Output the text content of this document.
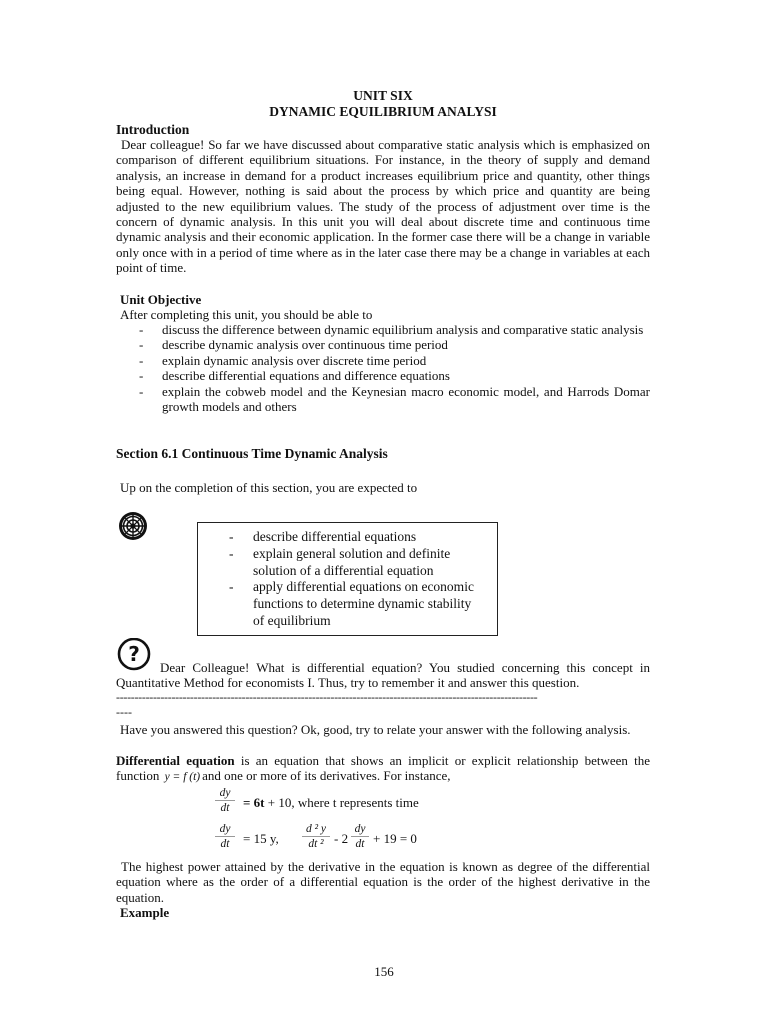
UNIT SIX
DYNAMIC EQUILIBRIUM ANALYSI
Introduction
Dear colleague! So far we have discussed about comparative static analysis which is emphasized on comparison of different equilibrium situations. For instance, in the theory of supply and demand analysis, an increase in demand for a product increases equilibrium price and quantity, other things being equal. However, nothing is said about the process by which price and quantity are being adjusted to the new equilibrium values. The study of the process of adjustment over time is the concern of dynamic analysis. In this unit you will deal about discrete time and continuous time dynamic analysis and their economic application. In the former case there will be a change in variable only once with in a period of time where as in the later case there may be a change in variables at each point of time.
Unit Objective
After completing this unit, you should be able to
- discuss the difference between dynamic equilibrium analysis and comparative static analysis
- describe dynamic analysis over continuous time period
- explain dynamic analysis over discrete time period
- describe differential equations and difference equations
- explain the cobweb model and the Keynesian macro economic model, and Harrods Domar growth models and others
Section 6.1 Continuous Time Dynamic Analysis
Up on the completion of this section, you are expected to
- describe differential equations
- explain general solution and definite solution of a differential equation
- apply differential equations on economic functions to determine dynamic stability of equilibrium
?
Dear Colleague! What is differential equation? You studied concerning this concept in Quantitative Method for economists I. Thus, try to remember it and answer this question.
------------------------------------------------------------------------------------------------------------------
----
Have you answered this question? Ok, good, try to relate your answer with the following analysis.
Differential equation is an equation that shows an implicit or explicit relationship between the function y = f (t) and one or more of its derivatives. For instance,
$\frac{dy}{dt} = 6t + 10$, where t represents time
$\frac{dy}{dt} = 15$ y, $\frac{\text{d ² y}}{\text{dt ²}} - 2 \frac{dy}{dt} + 19 = 0$
The highest power attained by the derivative in the equation is known as degree of the differential equation where as the order of a differential equation is the order of the highest derivative in the equation.
Example
156
